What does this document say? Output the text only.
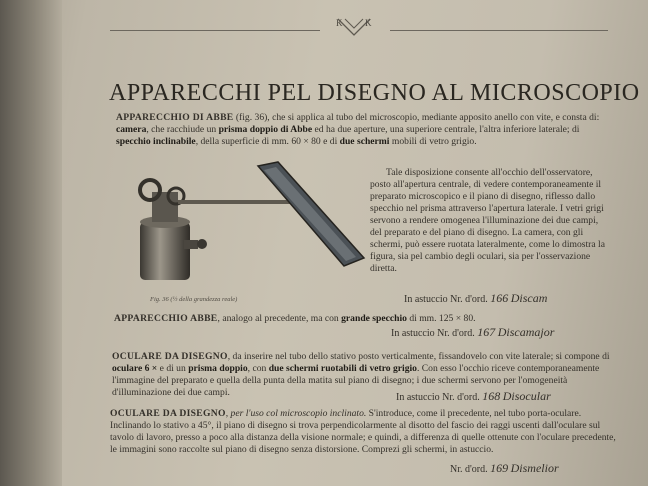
K	K
APPARECCHI PEL DISEGNO AL MICROSCOPIO

APPARECCHIO DI ABBE (fig. 36), che si applica al tubo del microscopio, mediante apposito anello con vite, e consta di: camera, che racchiude un prisma doppio di Abbe ed ha due aperture, una superiore centrale, l'altra inferiore laterale; di specchio inclinabile, della superficie di mm. 60 × 80 e di due schermi mobili di vetro grigio.

Fig. 36 (½ della grandezza reale)

Tale disposizione consente all'occhio dell'osservatore, posto all'apertura centrale, di vedere contemporaneamente il preparato microscopico e il piano di disegno, riflesso dallo specchio nel prisma attraverso l'apertura laterale. I vetri grigi servono a rendere omogenea l'illuminazione dei due campi, del preparato e del piano di disegno. La camera, con gli schermi, può essere ruotata lateralmente, come lo dimostra la figura, sia pel cambio degli oculari, sia per l'osservazione diretta.

In astuccio Nr. d'ord. 166 Discam

APPARECCHIO ABBE, analogo al precedente, ma con grande specchio di mm. 125 × 80.

In astuccio Nr. d'ord. 167 Discamajor

OCULARE DA DISEGNO, da inserire nel tubo dello stativo posto verticalmente, fissandovelo con vite laterale; si compone di oculare 6 × e di un prisma doppio, con due schermi ruotabili di vetro grigio. Con esso l'occhio riceve contemporaneamente l'immagine del preparato e quella della punta della matita sul piano di disegno; i due schermi servono per l'omogeneità d'illuminazione dei due campi.	In astuccio Nr. d'ord. 168 Disocular

OCULARE DA DISEGNO, per l'uso col microscopio inclinato. S'introduce, come il precedente, nel tubo porta-oculare. Inclinando lo stativo a 45°, il piano di disegno si trova perpendicolarmente al disotto del fascio dei raggi uscenti dall'oculare sul tavolo di lavoro, presso a poco alla distanza della visione normale; e quindi, a differenza di quelle ottenute con l'oculare precedente, le immagini sono raccolte sul piano di disegno senza distorsione. Comprezi gli schermi, in astuccio.

Nr. d'ord. 169 Dismelior
